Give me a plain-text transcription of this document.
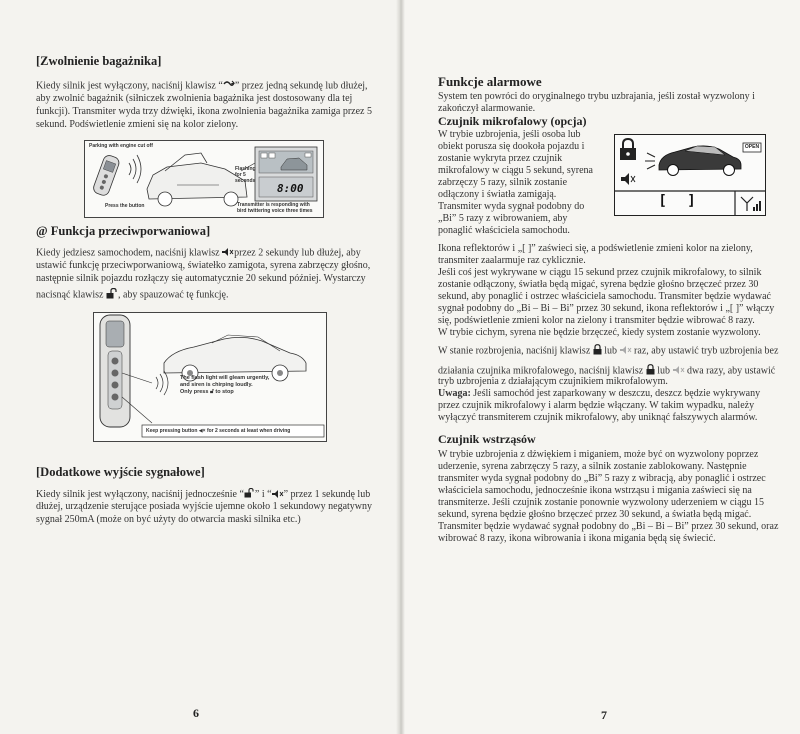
[Zwolnienie bagażnika]
Kiedy silnik jest wyłączony, naciśnij klawisz “ ” przez jedną sekundę lub dłużej,
aby zwolnić bagażnik (siłniczek zwolnienia bagażnika jest dostosowany dla tej
funkcji). Transmiter wyda trzy dźwięki, ikona zwolnienia bagażnika zamiga przez 5
sekund. Podświetlenie zmieni się na kolor zielony.
Parking with engine cut off
Flashing
for 5
seconds
8:00
Press the button	Transmitter is responding with
bird twittering voice three times
@ Funkcja przeciwporwaniowa]
Kiedy jedziesz samochodem, naciśnij klawisz przez 2 sekundy lub dłużej, aby
ustawić funkcję przeciwporwaniową, światełko zamigota, syrena zabrzęczy głośno,
następnie silnik pojazdu rozłączy się automatycznie 20 sekund później. Wystarczy
nacisnąć klawisz , aby spauzować tę funkcję.
The flash light will gleam urgently,
and siren is chirping loudly.
Only press 🔓︎ to stop
Keep pressing button ◀× for 2 seconds at least when driving
[Dodatkowe wyjście sygnałowe]
Kiedy silnik jest wyłączony, naciśnij jednocześnie “ ” i “ ” przez 1 sekundę lub
dłużej, urządzenie sterujące posiada wyjście ujemne około 1 sekundowy negatywny
sygnał 250mA (może on być użyty do otwarcia maski silnika etc.)
6
Funkcje alarmowe
System ten powróci do oryginalnego trybu uzbrajania, jeśli został wyzwolony i
zakończył alarmowanie.
Czujnik mikrofalowy (opcja)
W trybie uzbrojenia, jeśli osoba lub
obiekt porusza się dookoła pojazdu i
zostanie wykryta przez czujnik
mikrofalowy w ciągu 5 sekund, syrena
zabrzęczy 5 razy, silnik zostanie
odłączony i światła zamigają.
Transmiter wyda sygnał podobny do
„Bi” 5 razy z wibrowaniem, aby
ponaglić właściciela samochodu.
OPEN
[ ]
Ikona reflektorów i „[ ]” zaświeci się, a podświetlenie zmieni kolor na zielony,
transmiter zaalarmuje raz cyklicznie.
Jeśli coś jest wykrywane w ciągu 15 sekund przez czujnik mikrofalowy, to silnik
zostanie odłączony, światła będą migać, syrena będzie głośno brzęczeć przez 30
sekund, aby ponaglić i ostrzec właściciela samochodu. Transmiter będzie wydawać
sygnał podobny do „Bi – Bi – Bi” przez 30 sekund, ikona reflektorów i „[ ]” włączy
się, podświetlenie zmieni kolor na zielony i transmiter będzie wibrować 8 razy.
W trybie cichym, syrena nie będzie brzęczeć, kiedy system zostanie wyzwolony.
W stanie rozbrojenia, naciśnij klawisz lub raz, aby ustawić tryb uzbrojenia bez
działania czujnika mikrofalowego, naciśnij klawisz lub dwa razy, aby ustawić
tryb uzbrojenia z działającym czujnikiem mikrofalowym.
Uwaga: Jeśli samochód jest zaparkowany w deszczu, deszcz będzie wykrywany
przez czujnik mikrofalowy i alarm będzie włączany. W takim wypadku, należy
wyłączyć transmiterem czujnik mikrofalowy, aby uniknąć fałszywych alarmów.
Czujnik wstrząsów
W trybie uzbrojenia z dźwiękiem i miganiem, może być on wyzwolony poprzez
uderzenie, syrena zabrzęczy 5 razy, a silnik zostanie zablokowany. Następnie
transmiter wyda sygnał podobny do „Bi” 5 razy z wibracją, aby ponaglić i ostrzec
właściciela samochodu, jednocześnie ikona wstrząsu i migania zaświeci się na
transmiterze. Jeśli czujnik zostanie ponownie wyzwolony uderzeniem w ciągu 15
sekund, syrena będzie głośno brzęczeć przez 30 sekund, a światła będą migać.
Transmiter będzie wydawać sygnał podobny do „Bi – Bi – Bi” przez 30 sekund, oraz
wibrować 8 razy, ikona wibrowania i ikona migania będą się świecić.
7
